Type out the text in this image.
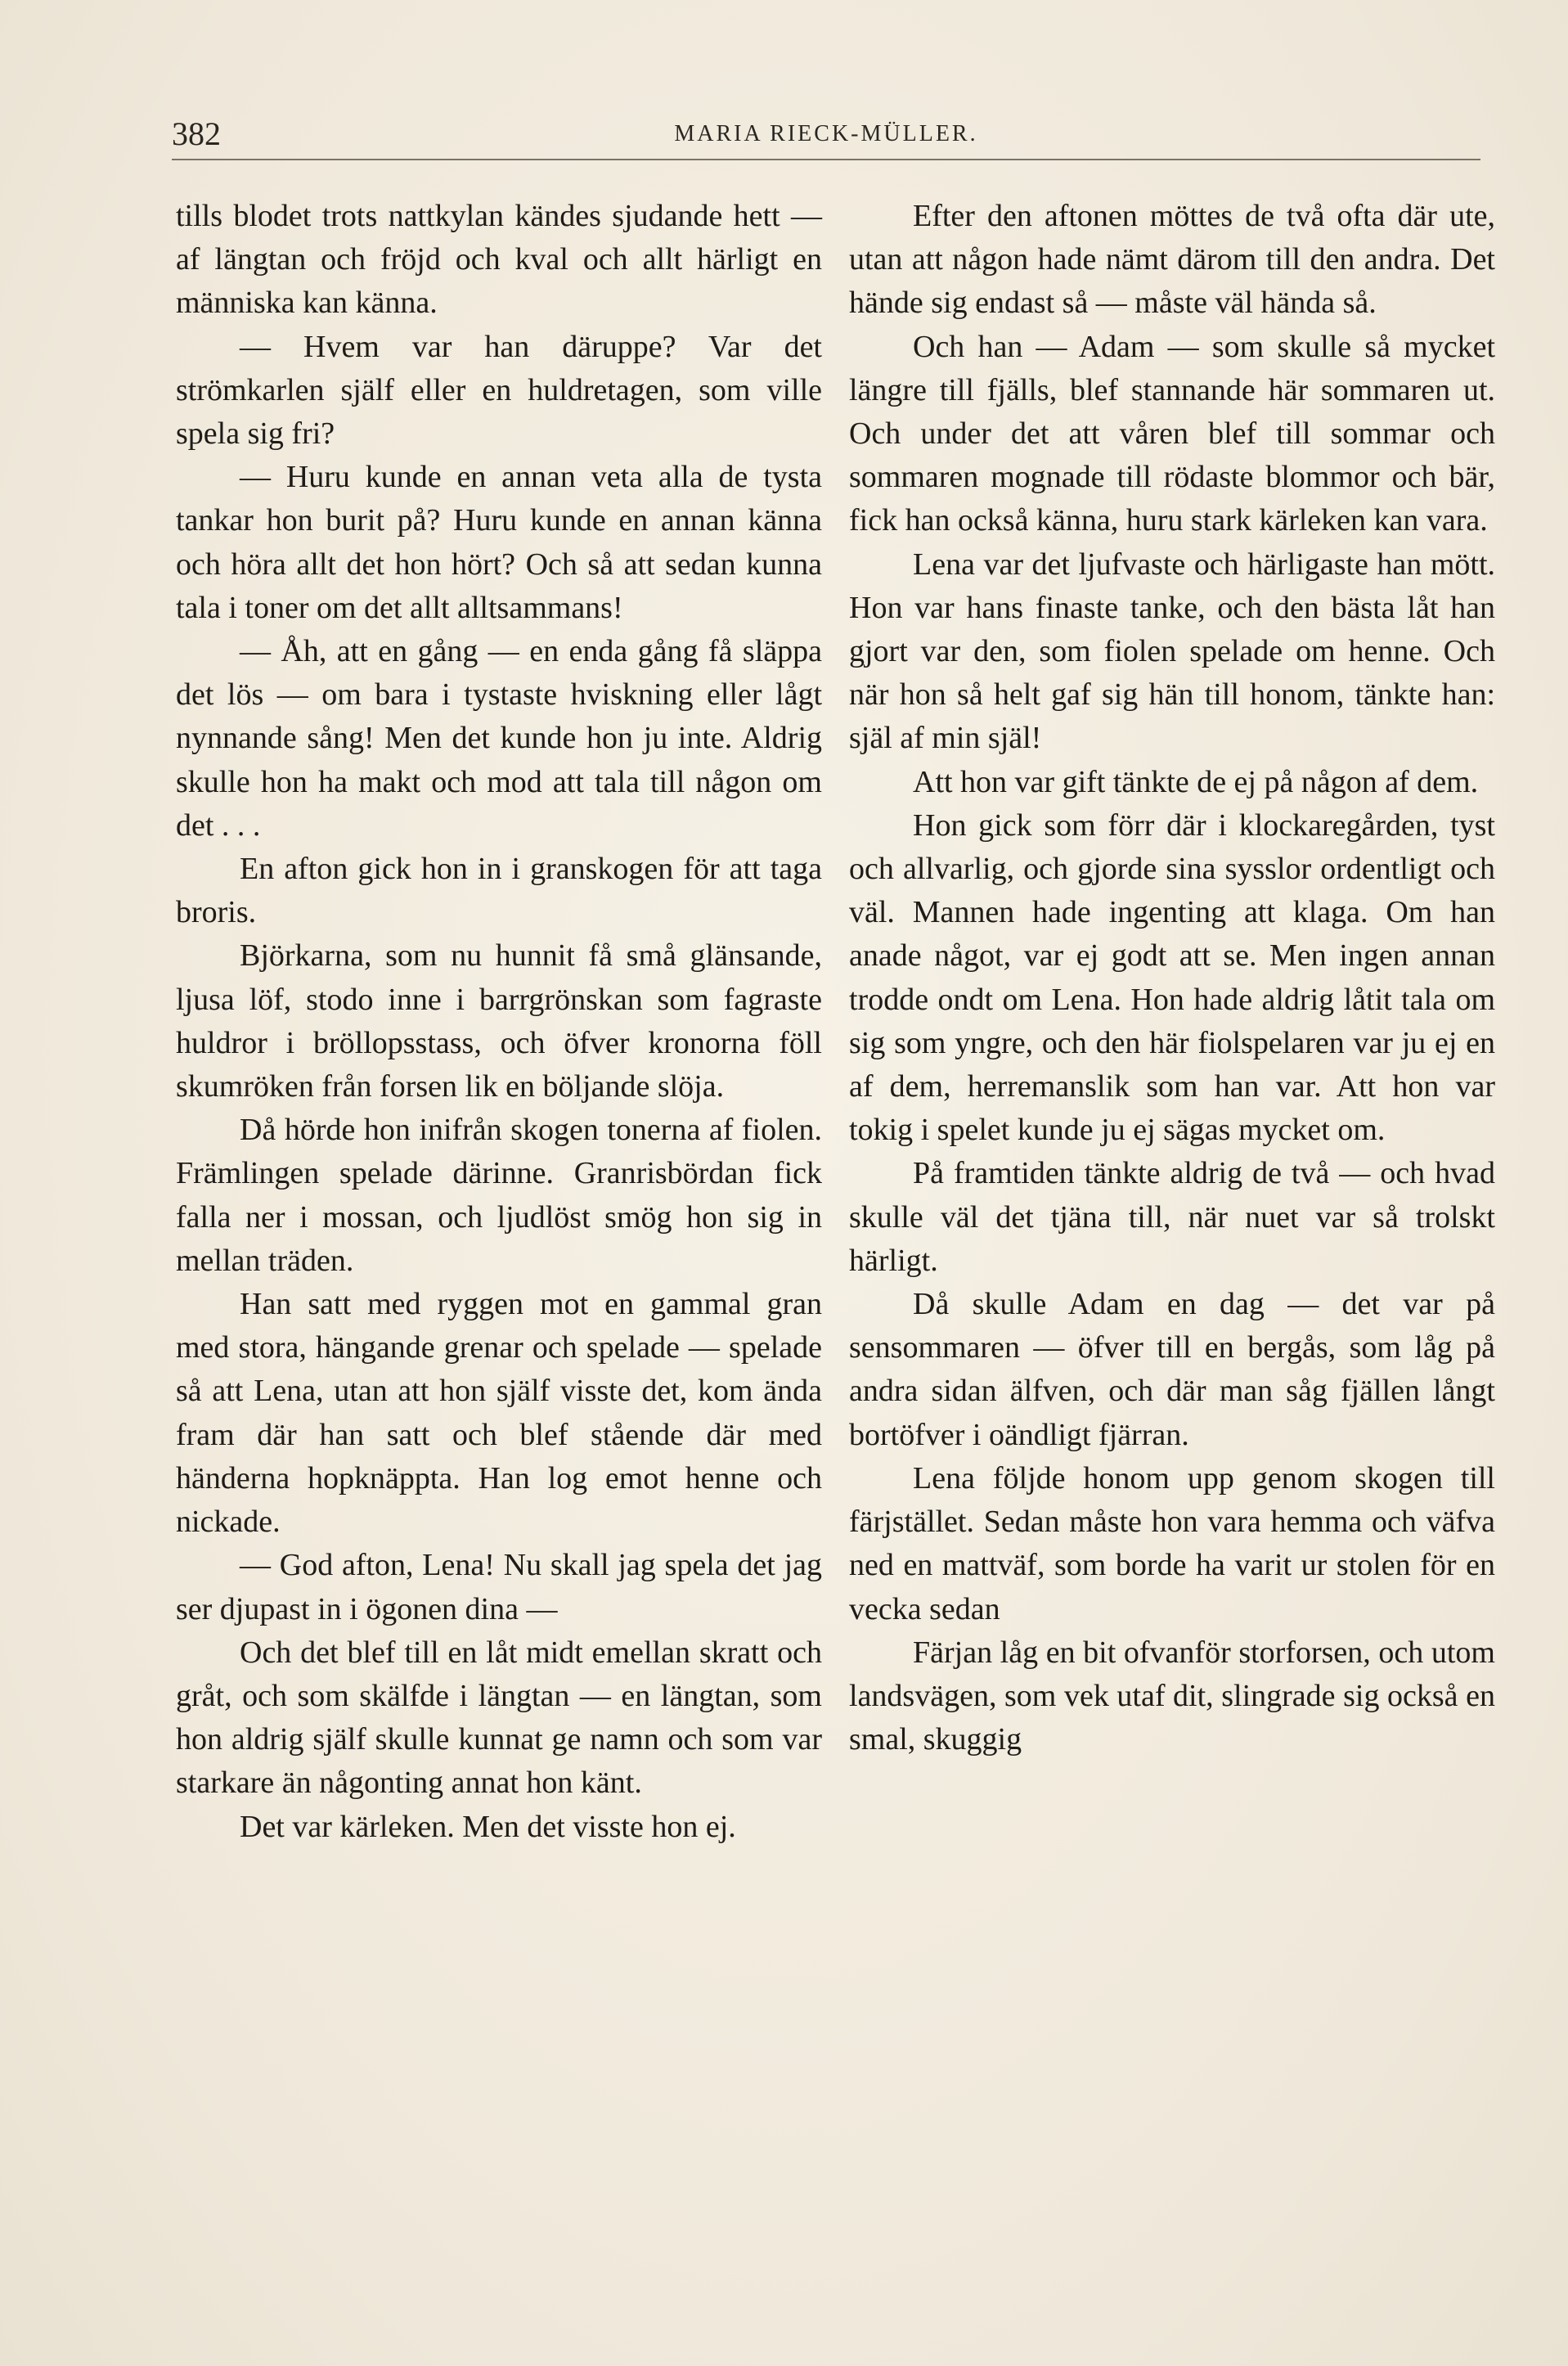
382	MARIA RIECK-MÜLLER.

tills blodet trots nattkylan kändes sjudande hett — af längtan och fröjd och kval och allt härligt en människa kan känna.

— Hvem var han däruppe? Var det strömkarlen själf eller en huldretagen, som ville spela sig fri?

— Huru kunde en annan veta alla de tysta tankar hon burit på? Huru kunde en annan känna och höra allt det hon hört? Och så att sedan kunna tala i toner om det allt alltsammans!

— Åh, att en gång — en enda gång få släppa det lös — om bara i tystaste hviskning eller lågt nynnande sång! Men det kunde hon ju inte. Aldrig skulle hon ha makt och mod att tala till någon om det . . .

En afton gick hon in i granskogen för att taga broris.

Björkarna, som nu hunnit få små glänsande, ljusa löf, stodo inne i barrgrönskan som fagraste huldror i bröllopsstass, och öfver kronorna föll skumröken från forsen lik en böljande slöja.

Då hörde hon inifrån skogen tonerna af fiolen. Främlingen spelade därinne. Granrisbördan fick falla ner i mossan, och ljudlöst smög hon sig in mellan träden.

Han satt med ryggen mot en gammal gran med stora, hängande grenar och spelade — spelade så att Lena, utan att hon själf visste det, kom ända fram där han satt och blef stående där med händerna hopknäppta. Han log emot henne och nickade.

— God afton, Lena! Nu skall jag spela det jag ser djupast in i ögonen dina —

Och det blef till en låt midt emellan skratt och gråt, och som skälfde i längtan — en längtan, som hon aldrig själf skulle kunnat ge namn och som var starkare än någonting annat hon känt.

Det var kärleken. Men det visste hon ej.

Efter den aftonen möttes de två ofta där ute, utan att någon hade nämt därom till den andra. Det hände sig endast så — måste väl hända så.

Och han — Adam — som skulle så mycket längre till fjälls, blef stannande här sommaren ut. Och under det att våren blef till sommar och sommaren mognade till rödaste blommor och bär, fick han också känna, huru stark kärleken kan vara.

Lena var det ljufvaste och härligaste han mött. Hon var hans finaste tanke, och den bästa låt han gjort var den, som fiolen spelade om henne. Och när hon så helt gaf sig hän till honom, tänkte han: själ af min själ!

Att hon var gift tänkte de ej på någon af dem.

Hon gick som förr där i klockaregården, tyst och allvarlig, och gjorde sina sysslor ordentligt och väl. Mannen hade ingenting att klaga. Om han anade något, var ej godt att se. Men ingen annan trodde ondt om Lena. Hon hade aldrig låtit tala om sig som yngre, och den här fiolspelaren var ju ej en af dem, herremanslik som han var. Att hon var tokig i spelet kunde ju ej sägas mycket om.

På framtiden tänkte aldrig de två — och hvad skulle väl det tjäna till, när nuet var så trolskt härligt.

Då skulle Adam en dag — det var på sensommaren — öfver till en bergås, som låg på andra sidan älfven, och där man såg fjällen långt bortöfver i oändligt fjärran.

Lena följde honom upp genom skogen till färjstället. Sedan måste hon vara hemma och väfva ned en mattväf, som borde ha varit ur stolen för en vecka sedan

Färjan låg en bit ofvanför storforsen, och utom landsvägen, som vek utaf dit, slingrade sig också en smal, skuggig
